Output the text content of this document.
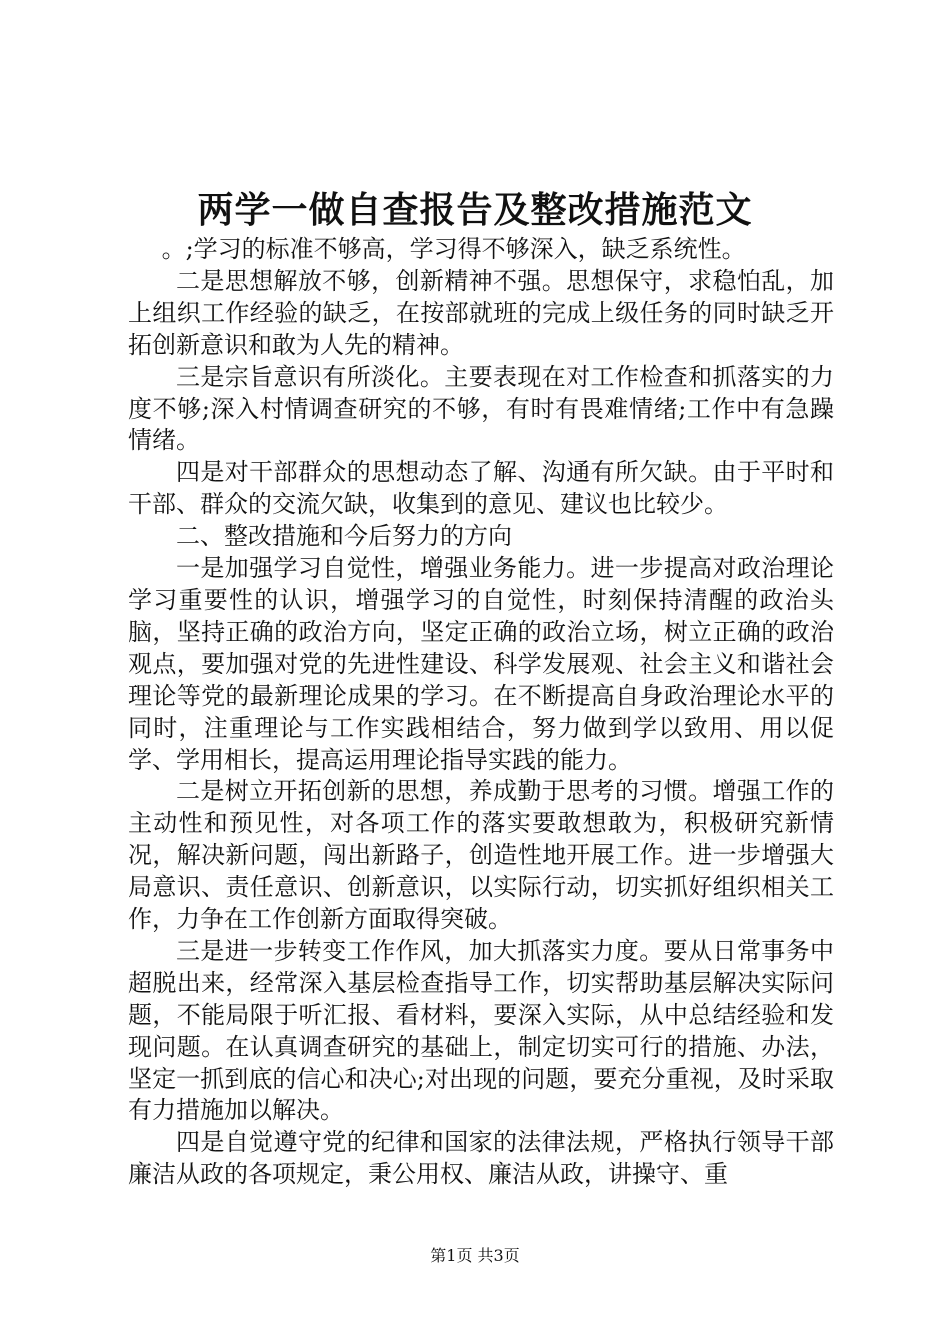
两学一做自查报告及整改措施范文

。;学习的标准不够高，学习得不够深入，缺乏系统性。

二是思想解放不够，创新精神不强。思想保守，求稳怕乱，加上组织工作经验的缺乏，在按部就班的完成上级任务的同时缺乏开拓创新意识和敢为人先的精神。

三是宗旨意识有所淡化。主要表现在对工作检查和抓落实的力度不够;深入村情调查研究的不够，有时有畏难情绪;工作中有急躁情绪。

四是对干部群众的思想动态了解、沟通有所欠缺。由于平时和干部、群众的交流欠缺，收集到的意见、建议也比较少。

二、整改措施和今后努力的方向

一是加强学习自觉性，增强业务能力。进一步提高对政治理论学习重要性的认识，增强学习的自觉性，时刻保持清醒的政治头脑，坚持正确的政治方向，坚定正确的政治立场，树立正确的政治观点，要加强对党的先进性建设、科学发展观、社会主义和谐社会理论等党的最新理论成果的学习。在不断提高自身政治理论水平的同时，注重理论与工作实践相结合，努力做到学以致用、用以促学、学用相长，提高运用理论指导实践的能力。

二是树立开拓创新的思想，养成勤于思考的习惯。增强工作的主动性和预见性，对各项工作的落实要敢想敢为，积极研究新情况，解决新问题，闯出新路子，创造性地开展工作。进一步增强大局意识、责任意识、创新意识，以实际行动，切实抓好组织相关工作，力争在工作创新方面取得突破。

三是进一步转变工作作风，加大抓落实力度。要从日常事务中超脱出来，经常深入基层检查指导工作，切实帮助基层解决实际问题，不能局限于听汇报、看材料，要深入实际，从中总结经验和发现问题。在认真调查研究的基础上，制定切实可行的措施、办法，坚定一抓到底的信心和决心;对出现的问题，要充分重视，及时采取有力措施加以解决。

四是自觉遵守党的纪律和国家的法律法规，严格执行领导干部廉洁从政的各项规定，秉公用权、廉洁从政，讲操守、重

第1页 共3页
